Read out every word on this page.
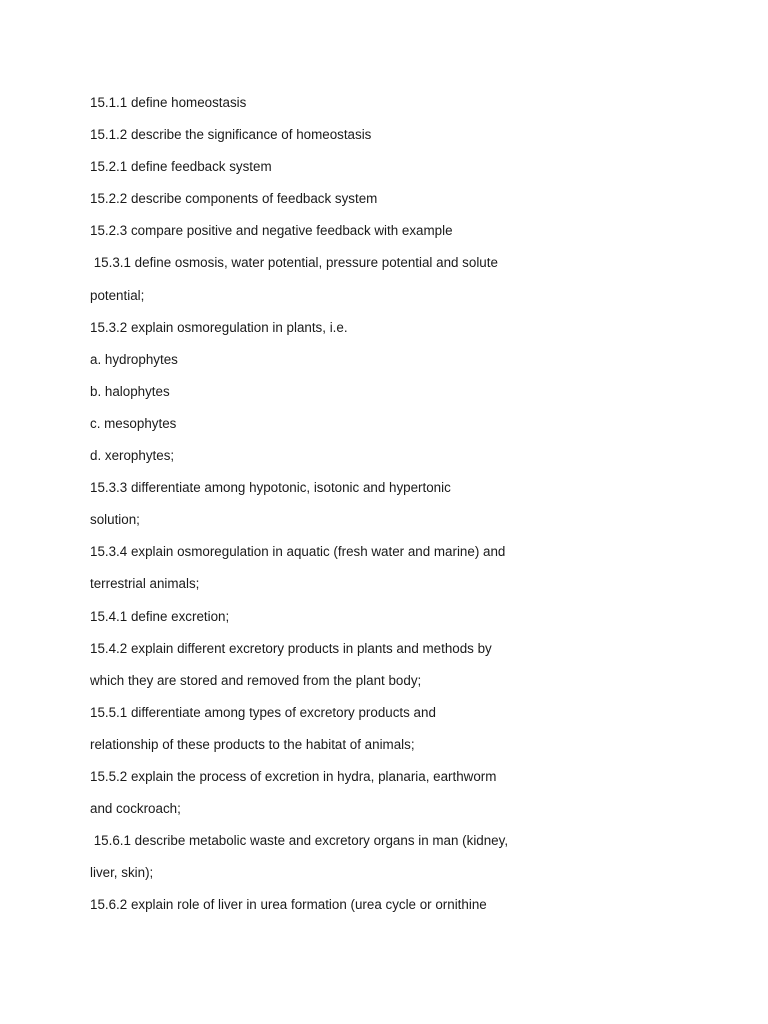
15.1.1 define homeostasis
15.1.2 describe the significance of homeostasis
15.2.1 define feedback system
15.2.2 describe components of feedback system
15.2.3 compare positive and negative feedback with example
15.3.1 define osmosis, water potential, pressure potential and solute
potential;
15.3.2 explain osmoregulation in plants, i.e.
a. hydrophytes
b. halophytes
c. mesophytes
d. xerophytes;
15.3.3 differentiate among hypotonic, isotonic and hypertonic
solution;
15.3.4 explain osmoregulation in aquatic (fresh water and marine) and
terrestrial animals;
15.4.1 define excretion;
15.4.2 explain different excretory products in plants and methods by
which they are stored and removed from the plant body;
15.5.1 differentiate among types of excretory products and
relationship of these products to the habitat of animals;
15.5.2 explain the process of excretion in hydra, planaria, earthworm
and cockroach;
15.6.1 describe metabolic waste and excretory organs in man (kidney,
liver, skin);
15.6.2 explain role of liver in urea formation (urea cycle or ornithine
